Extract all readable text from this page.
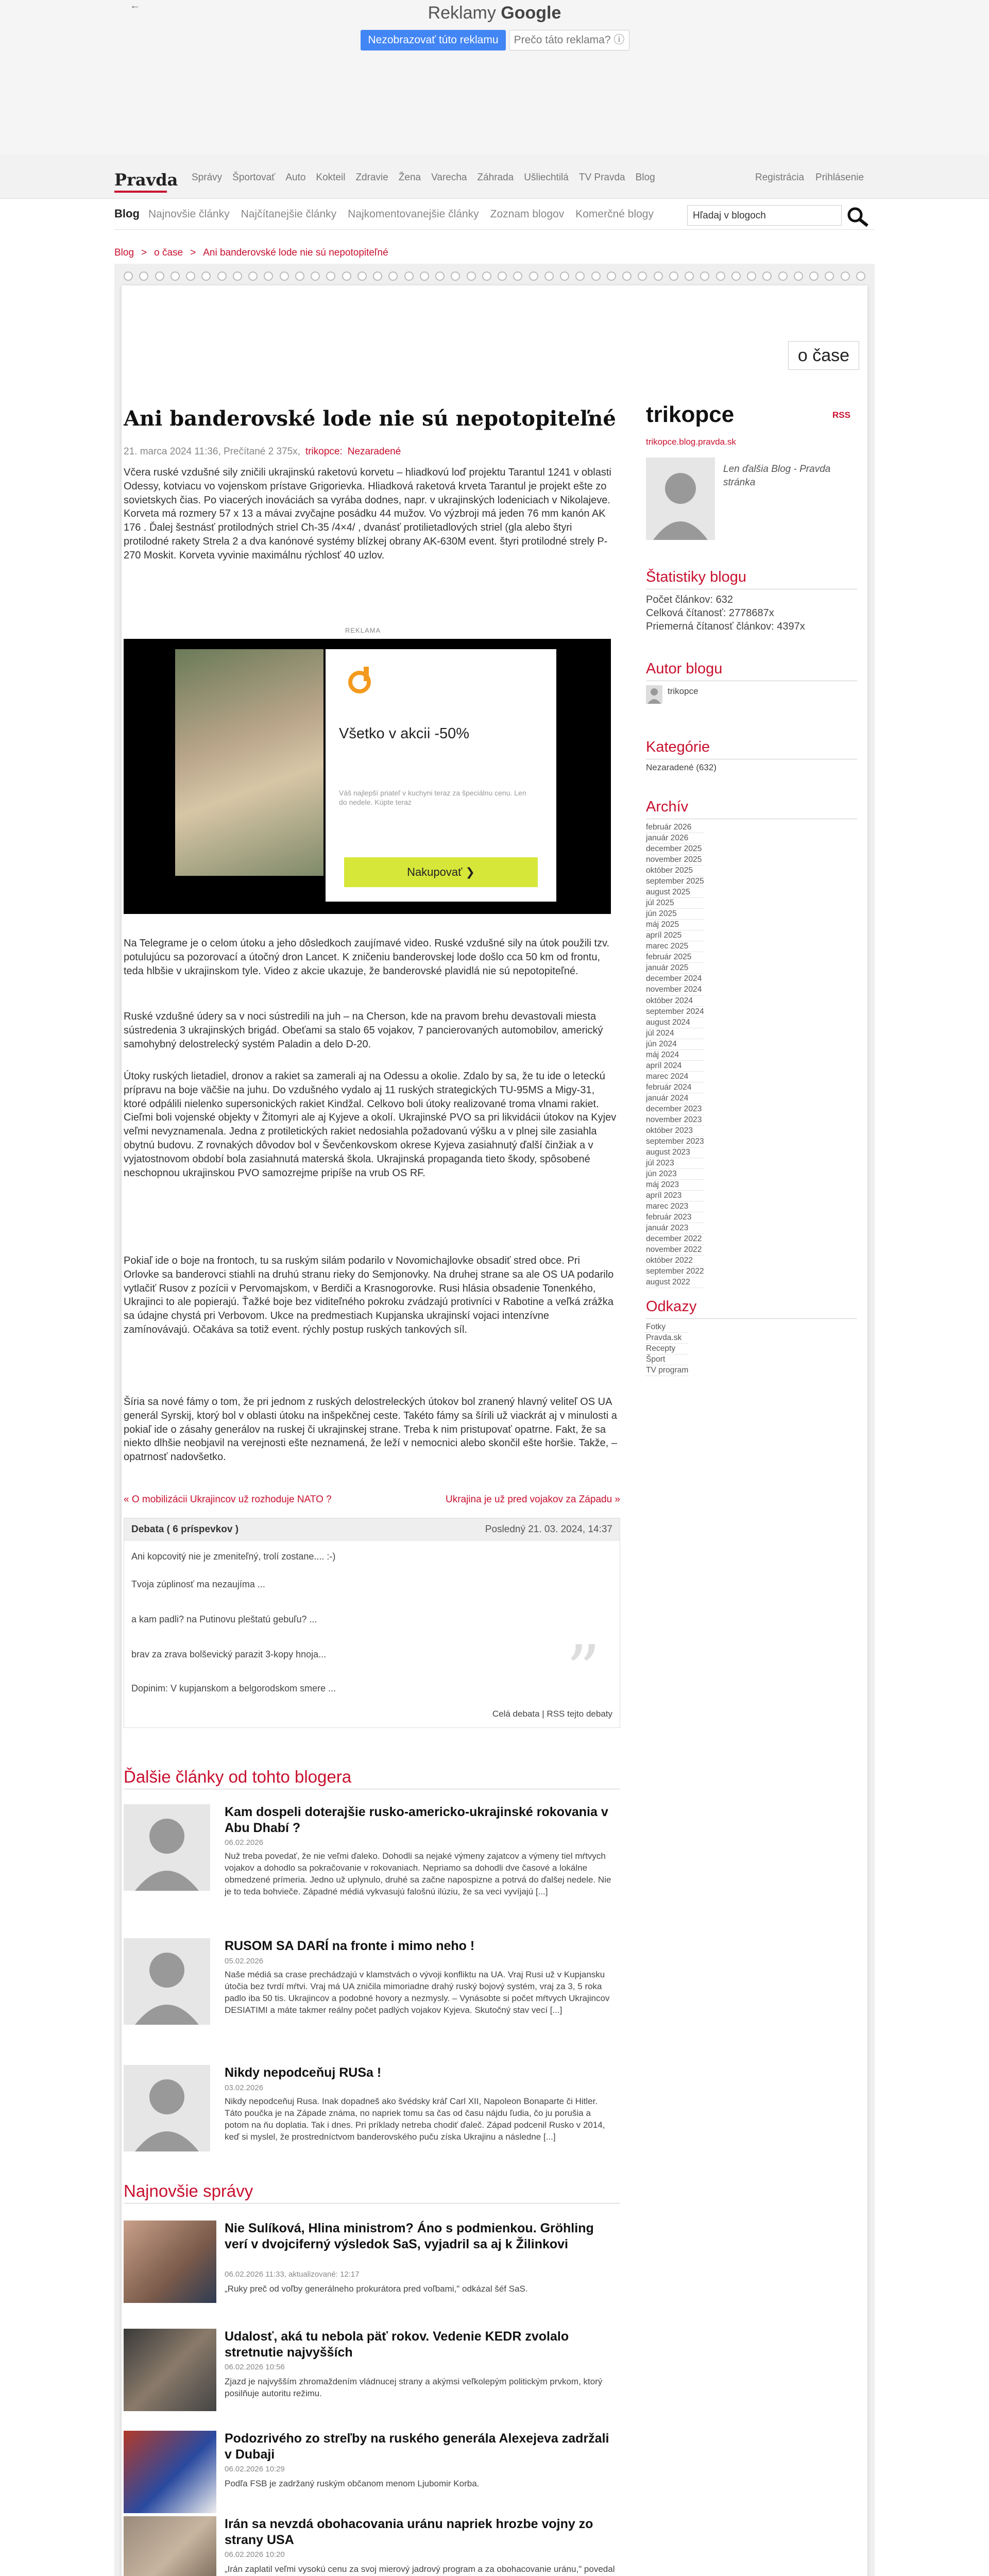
←	Reklamy Google
Nezobrazovať túto reklamu	Prečo táto reklama? ⓘ
Pravda Správy Športovať Auto Kokteil Zdravie Žena Varecha Záhrada Ušliechtilá TV Pravda Blog	Registrácia Prihlásenie
Blog Najnovšie články Najčítanejšie články Najkomentovanejšie články Zoznam blogov Komerčné blogy	Hľadaj v blogoch
Blog > o čase > Ani banderovské lode nie sú nepotopiteľné
o čase
RSS
Ani banderovské lode nie sú nepotopiteľné
21. marca 2024 11:36, Prečítané 2 375x, trikopce: Nezaradené

Včera ruské vzdušné sily zničili ukrajinskú raketovú korvetu – hliadkovú loď projektu Tarantul 1241 v oblasti Odessy, kotviacu vo vojenskom prístave Grigorievka. Hliadková raketová krveta Tarantul je projekt ešte zo sovietskych čias. Po viacerých inováciách sa vyrába dodnes, napr. v ukrajinských lodeniciach v Nikolajeve. Korveta má rozmery 57 x 13 a mávai zvyčajne posádku 44 mužov. Vo výzbroji má jeden 76 mm kanón AK 176 . Ďalej šestnásť protilodných striel Ch-35 /4×4/ , dvanásť protilietadlových striel (gla alebo štyri protilodné rakety Strela 2 a dva kanónové systémy blízkej obrany AK-630M event. štyri protilodné strely P-270 Moskit. Korveta vyvinie maximálnu rýchlosť 40 uzlov.

REKLAMA
Všetko v akcii -50%
Váš najlepší priateľ v kuchyni teraz za špeciálnu cenu. Len do nedele. Kúpte teraz
Nakupovať ❯

Na Telegrame je o celom útoku a jeho dôsledkoch zaujímavé video. Ruské vzdušné sily na útok použili tzv. potulujúcu sa pozorovací a útočný dron Lancet. K zničeniu banderovskej lode došlo cca 50 km od frontu, teda hlbšie v ukrajinskom tyle. Video z akcie ukazuje, že banderovské plavidlá nie sú nepotopiteľné.

Ruské vzdušné údery sa v noci sústredili na juh – na Cherson, kde na pravom brehu devastovali miesta sústredenia 3 ukrajinských brigád. Obeťami sa stalo 65 vojakov, 7 pancierovaných automobilov, americký samohybný delostrelecký systém Paladin a delo D-20.

Útoky ruských lietadiel, dronov a rakiet sa zamerali aj na Odessu a okolie. Zdalo by sa, že tu ide o leteckú prípravu na boje väčšie na juhu. Do vzdušného vydalo aj 11 ruských strategických TU-95MS a Migy-31, ktoré odpálili nielenko supersonických rakiet Kindžal. Celkovo boli útoky realizované troma vlnami rakiet. Cieľmi boli vojenské objekty v Žitomyri ale aj Kyjeve a okolí. Ukrajinské PVO sa pri likvidácii útokov na Kyjev veľmi nevyznamenala. Jedna z protiletických rakiet nedosiahla požadovanú výšku a v plnej sile zasiahla obytnú budovu. Z rovnakých dôvodov bol v Ševčenkovskom okrese Kyjeva zasiahnutý ďalší činžiak a v vyjatostnovom období bola zasiahnutá materská škola. Ukrajinská propaganda tieto škody, spôsobené neschopnou ukrajinskou PVO samozrejme pripíše na vrub OS RF.

Pokiaľ ide o boje na frontoch, tu sa ruským silám podarilo v Novomichajlovke obsadiť stred obce. Pri Orlovke sa banderovci stiahli na druhú stranu rieky do Semjonovky. Na druhej strane sa ale OS UA podarilo vytlačiť Rusov z pozícii v Pervomajskom, v Berdiči a Krasnogorovke. Rusi hlásia obsadenie Tonenkého, Ukrajinci to ale popierajú. Ťažké boje bez viditeľného pokroku zvádzajú protivníci v Rabotine a veľká zrážka sa údajne chystá pri Verbovom. Ukce na predmestiach Kupjanska ukrajinskí vojaci intenzívne zamínovávajú. Očakáva sa totiž event. rýchly postup ruských tankových síl.

Šíria sa nové fámy o tom, že pri jednom z ruských delostreleckých útokov bol zranený hlavný veliteľ OS UA generál Syrskij, ktorý bol v oblasti útoku na inšpekčnej ceste. Takéto fámy sa šírili už viackrát aj v minulosti a pokiaľ ide o zásahy generálov na ruskej či ukrajinskej strane. Treba k nim pristupovať opatrne. Fakt, že sa niekto dlhšie neobjavil na verejnosti ešte neznamená, že leží v nemocnici alebo skončil ešte horšie. Takže, – opatrnosť nadovšetko.

« O mobilizácii Ukrajincov už rozhoduje NATO ?	Ukrajina je už pred vojakov za Západu »
Debata ( 6 príspevkov )	Posledný 21. 03. 2024, 14:37
Ani kopcovitý nie je zmeniteľný, trolí zostane.... :-)
Tvoja zúplinosť ma nezaujíma ...
a kam padli? na Putinovu pleštatú gebuľu? ...
brav za zrava bolševický parazit 3-kopy hnoja...
Dopinim: V kupjanskom a belgorodskom smere ...	”
Celá debata | RSS tejto debaty
Ďalšie články od tohto blogera
Kam dospeli doterajšie rusko-americko-ukrajinské rokovania v Abu Dhabí ?
06.02.2026
Nuž treba povedať, že nie veľmi ďaleko. Dohodli sa nejaké výmeny zajatcov a výmeny tiel mŕtvych vojakov a dohodlo sa pokračovanie v rokovaniach. Nepriamo sa dohodli dve časové a lokálne obmedzené prímeria. Jedno už uplynulo, druhé sa začne napospizne a potrvá do ďalšej nedele. Nie je to teda bohvieče. Západné médiá vykvasujú falošnú ilúziu, že sa veci vyvíjajú [...]
RUSOM SA DARÍ na fronte i mimo neho !
05.02.2026
Naše médiá sa crase prechádzajú v klamstvách o vývoji konfliktu na UA. Vraj Rusi už v Kupjansku útočia bez tvrdí mŕtvi. Vraj má UA zničila mimoriadne drahý ruský bojový systém, vraj za 3, 5 roka padlo iba 50 tis. Ukrajincov a podobné hovory a nezmysly. – Vynásobte si počet mŕtvych Ukrajincov DESIATIMI a máte takmer reálny počet padlých vojakov Kyjeva. Skutočný stav vecí [...]
Nikdy nepodceňuj RUSa !
03.02.2026
Nikdy nepodceňuj Rusa. Inak dopadneš ako švédsky kráľ Carl XII, Napoleon Bonaparte či Hitler. Táto poučka je na Západe známa, no napriek tomu sa čas od času nájdu ľudia, čo ju porušia a potom na ňu doplatia. Tak i dnes. Pri príklady netreba chodiť ďaleč. Západ podcenil Rusko v 2014, keď si myslel, že prostredníctvom banderovského puču získa Ukrajinu a následne [...]
Najnovšie správy
Nie Sulíková, Hlina ministrom? Áno s podmienkou. Gröhling verí v dvojciferný výsledok SaS, vyjadril sa aj k Žilinkovi
06.02.2026 11:33, aktualizované: 12:17
„Ruky preč od voľby generálneho prokurátora pred voľbami," odkázal šéf SaS.
Udalosť, aká tu nebola päť rokov. Vedenie KEDR zvolalo stretnutie najvyšších
06.02.2026 10:56
Zjazd je najvyšším zhromaždením vládnucej strany a akýmsi veľkolepým politickým prvkom, ktorý posilňuje autoritu režimu.
Podozrivého zo streľby na ruského generála Alexejeva zadržali v Dubaji
06.02.2026 10:29
Podľa FSB je zadržaný ruským občanom menom Ljubomir Korba.
Irán sa nevzdá obohacovania uránu napriek hrozbe vojny zo strany USA
06.02.2026 10:20
„Irán zaplatil veľmi vysokú cenu za svoj mierový jadrový program a za obohacovanie uránu," povedal
trikopce
trikopce.blog.pravda.sk
Len ďalšia Blog - Pravda stránka
Štatistiky blogu
Počet článkov: 632
Celková čítanosť: 2778687x
Priemerná čítanosť článkov: 4397x
Autor blogu
trikopce
Kategórie
Nezaradené (632)
Archív
február 2026
január 2026
december 2025
november 2025
október 2025
september 2025
august 2025
júl 2025
jún 2025
máj 2025
apríl 2025
marec 2025
február 2025
január 2025
december 2024
november 2024
október 2024
september 2024
august 2024
júl 2024
jún 2024
máj 2024
apríl 2024
marec 2024
február 2024
január 2024
december 2023
november 2023
október 2023
september 2023
august 2023
júl 2023
jún 2023
máj 2023
apríl 2023
marec 2023
február 2023
január 2023
december 2022
november 2022
október 2022
september 2022
august 2022
Odkazy
Fotky
Pravda.sk
Recepty
Šport
TV program
